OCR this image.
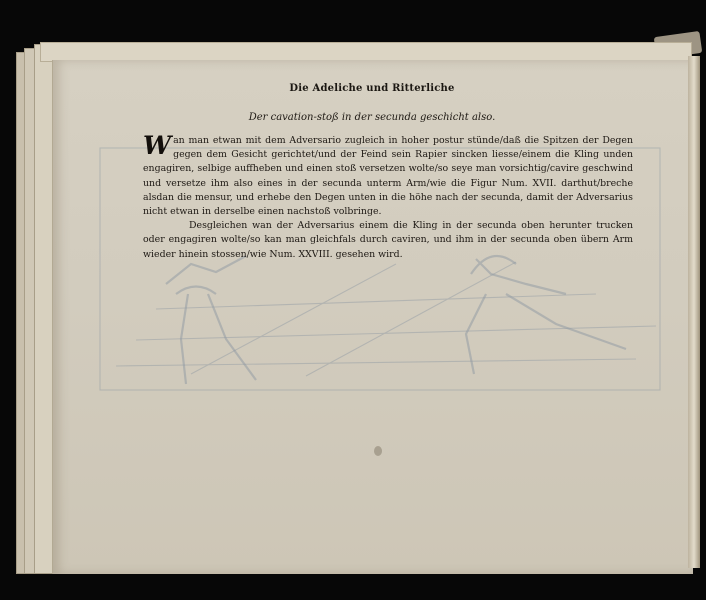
Die Adeliche und Ritterliche
Der cavation-stoß in der secunda geschicht also.

Wan man etwan mit dem Adversario zugleich in hoher postur stünde/daß die Spitzen der Degen gegen dem Gesicht gerichtet/und der Feind sein Rapier sincken liesse/einem die Kling unden engagiren, selbige auffheben und einen stoß versetzen wolte/so seye man vorsichtig/cavire geschwind und versetze ihm also eines in der secunda unterm Arm/wie die Figur Num. XVII. darthut/breche alsdan die mensur, und erhebe den Degen unten in die höhe nach der secunda, damit der Adversarius nicht etwan in derselbe einen nachstoß volbringe.

Desgleichen wan der Adversarius einem die Kling in der secunda oben herunter trucken oder engagiren wolte/so kan man gleichfals durch caviren, und ihm in der secunda oben übern Arm wieder hinein stossen/wie Num. XXVIII. gesehen wird.
